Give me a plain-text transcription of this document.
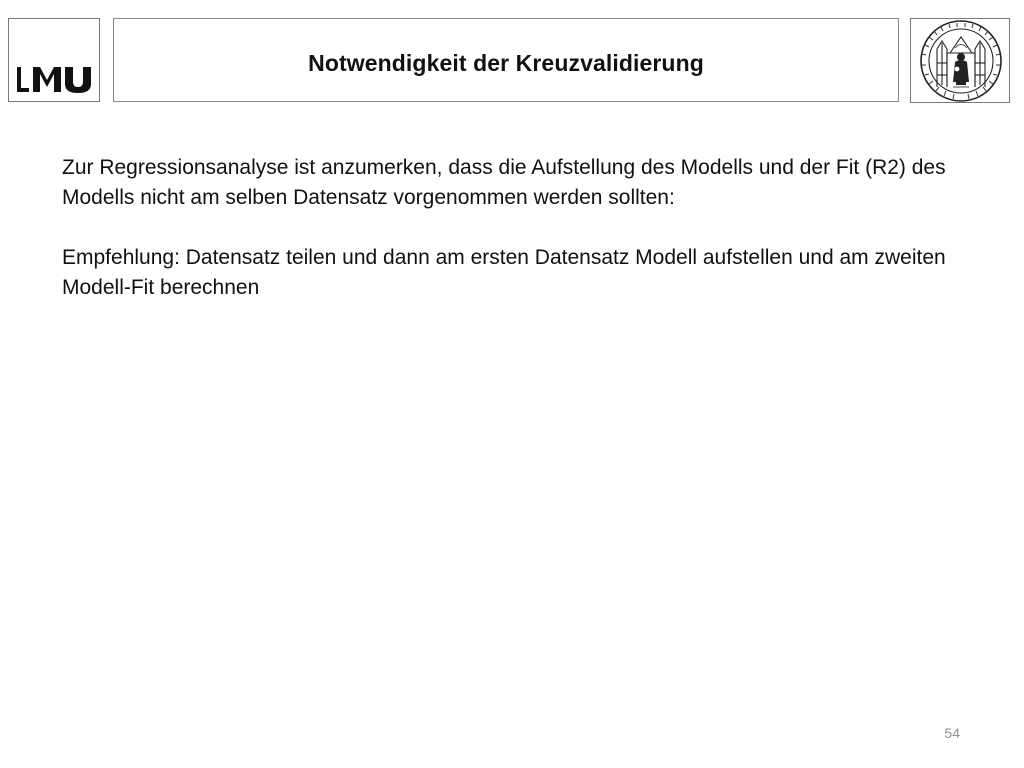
Notwendigkeit der Kreuzvalidierung

Zur Regressionsanalyse ist anzumerken, dass die Aufstellung des Modells und der Fit (R2) des Modells nicht am selben Datensatz vorgenommen werden sollten:

Empfehlung: Datensatz teilen und dann am ersten Datensatz Modell aufstellen und am zweiten Modell-Fit berechnen

54
